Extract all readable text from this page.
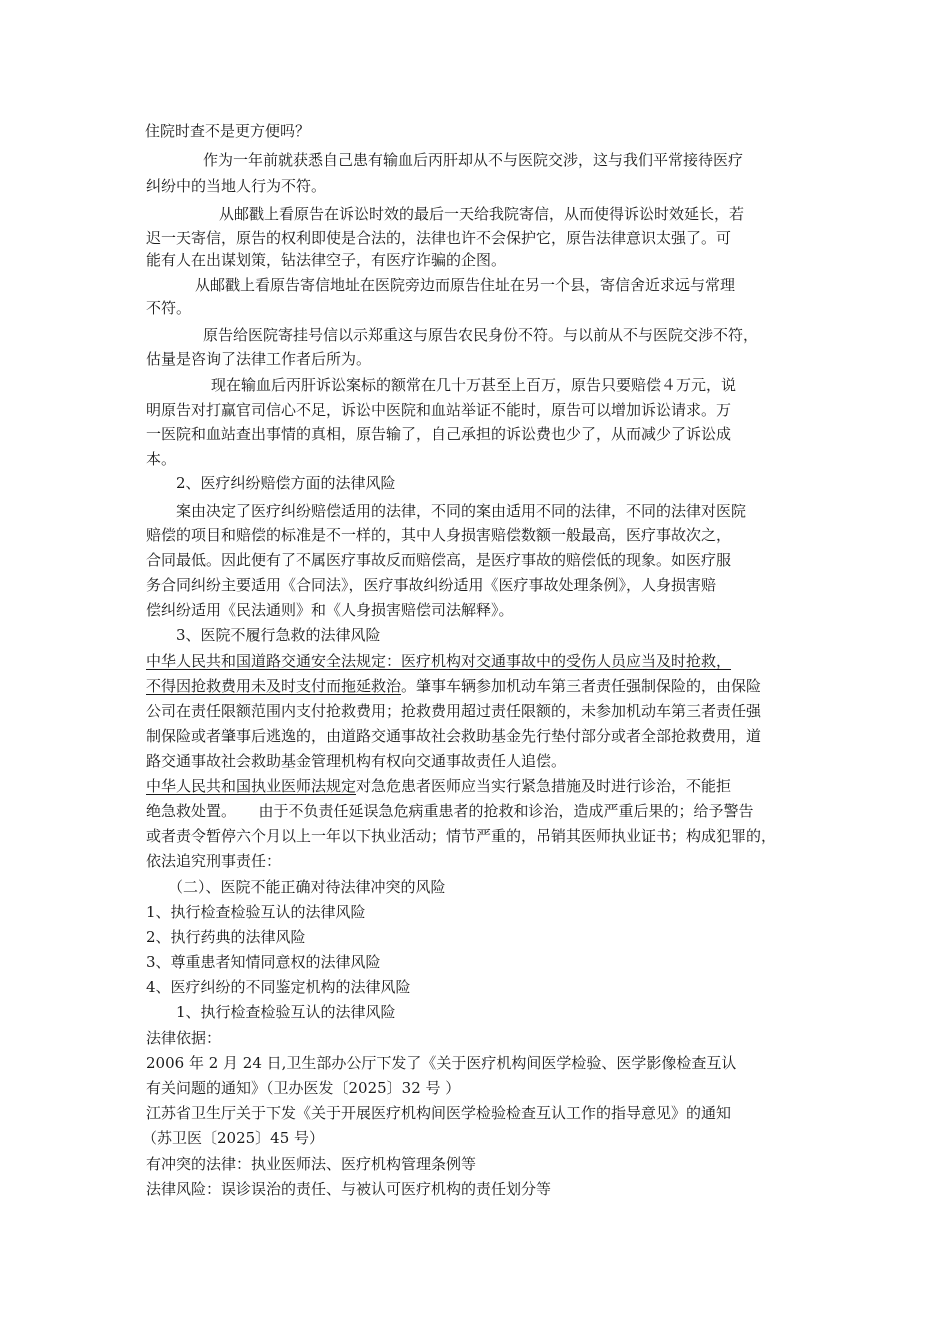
住院时查不是更方便吗？
作为一年前就获悉自己患有输血后丙肝却从不与医院交涉，这与我们平常接待医疗
纠纷中的当地人行为不符。
从邮戳上看原告在诉讼时效的最后一天给我院寄信，从而使得诉讼时效延长，若
迟一天寄信，原告的权利即使是合法的，法律也许不会保护它，原告法律意识太强了。可
能有人在出谋划策，钻法律空子，有医疗诈骗的企图。
从邮戳上看原告寄信地址在医院旁边而原告住址在另一个县，寄信舍近求远与常理
不符。
原告给医院寄挂号信以示郑重这与原告农民身份不符。与以前从不与医院交涉不符，
估量是咨询了法律工作者后所为。
现在输血后丙肝诉讼案标的额常在几十万甚至上百万，原告只要赔偿４万元，说
明原告对打赢官司信心不足，诉讼中医院和血站举证不能时，原告可以增加诉讼请求。万
一医院和血站查出事情的真相，原告输了，自己承担的诉讼费也少了，从而减少了诉讼成
本。
2、医疗纠纷赔偿方面的法律风险
案由决定了医疗纠纷赔偿适用的法律，不同的案由适用不同的法律，不同的法律对医院
赔偿的项目和赔偿的标准是不一样的，其中人身损害赔偿数额一般最高，医疗事故次之，
合同最低。因此便有了不属医疗事故反而赔偿高，是医疗事故的赔偿低的现象。如医疗服
务合同纠纷主要适用《合同法》，医疗事故纠纷适用《医疗事故处理条例》，人身损害赔
偿纠纷适用《民法通则》和《人身损害赔偿司法解释》。
3、医院不履行急救的法律风险
中华人民共和国道路交通安全法规定：医疗机构对交通事故中的受伤人员应当及时抢救，
不得因抢救费用未及时支付而拖延救治。肇事车辆参加机动车第三者责任强制保险的，由保险
公司在责任限额范围内支付抢救费用；抢救费用超过责任限额的，未参加机动车第三者责任强
制保险或者肇事后逃逸的，由道路交通事故社会救助基金先行垫付部分或者全部抢救费用，道
路交通事故社会救助基金管理机构有权向交通事故责任人追偿。
中华人民共和国执业医师法规定对急危患者医师应当实行紧急措施及时进行诊治，不能拒
绝急救处置。　　由于不负责任延误急危病重患者的抢救和诊治，造成严重后果的；给予警告
或者责令暂停六个月以上一年以下执业活动；情节严重的，吊销其医师执业证书；构成犯罪的，
依法追究刑事责任：
（二）、医院不能正确对待法律冲突的风险
1、执行检查检验互认的法律风险
2、执行药典的法律风险
3、尊重患者知情同意权的法律风险
4、医疗纠纷的不同鉴定机构的法律风险
1、执行检查检验互认的法律风险
法律依据：
2006 年 2 月 24 日,卫生部办公厅下发了《关于医疗机构间医学检验、医学影像检查互认
有关问题的通知》（卫办医发〔2025〕32 号 ）
江苏省卫生厅关于下发《关于开展医疗机构间医学检验检查互认工作的指导意见》的通知
（苏卫医〔2025〕45 号）
有冲突的法律：执业医师法、医疗机构管理条例等
法律风险：误诊误治的责任、与被认可医疗机构的责任划分等
